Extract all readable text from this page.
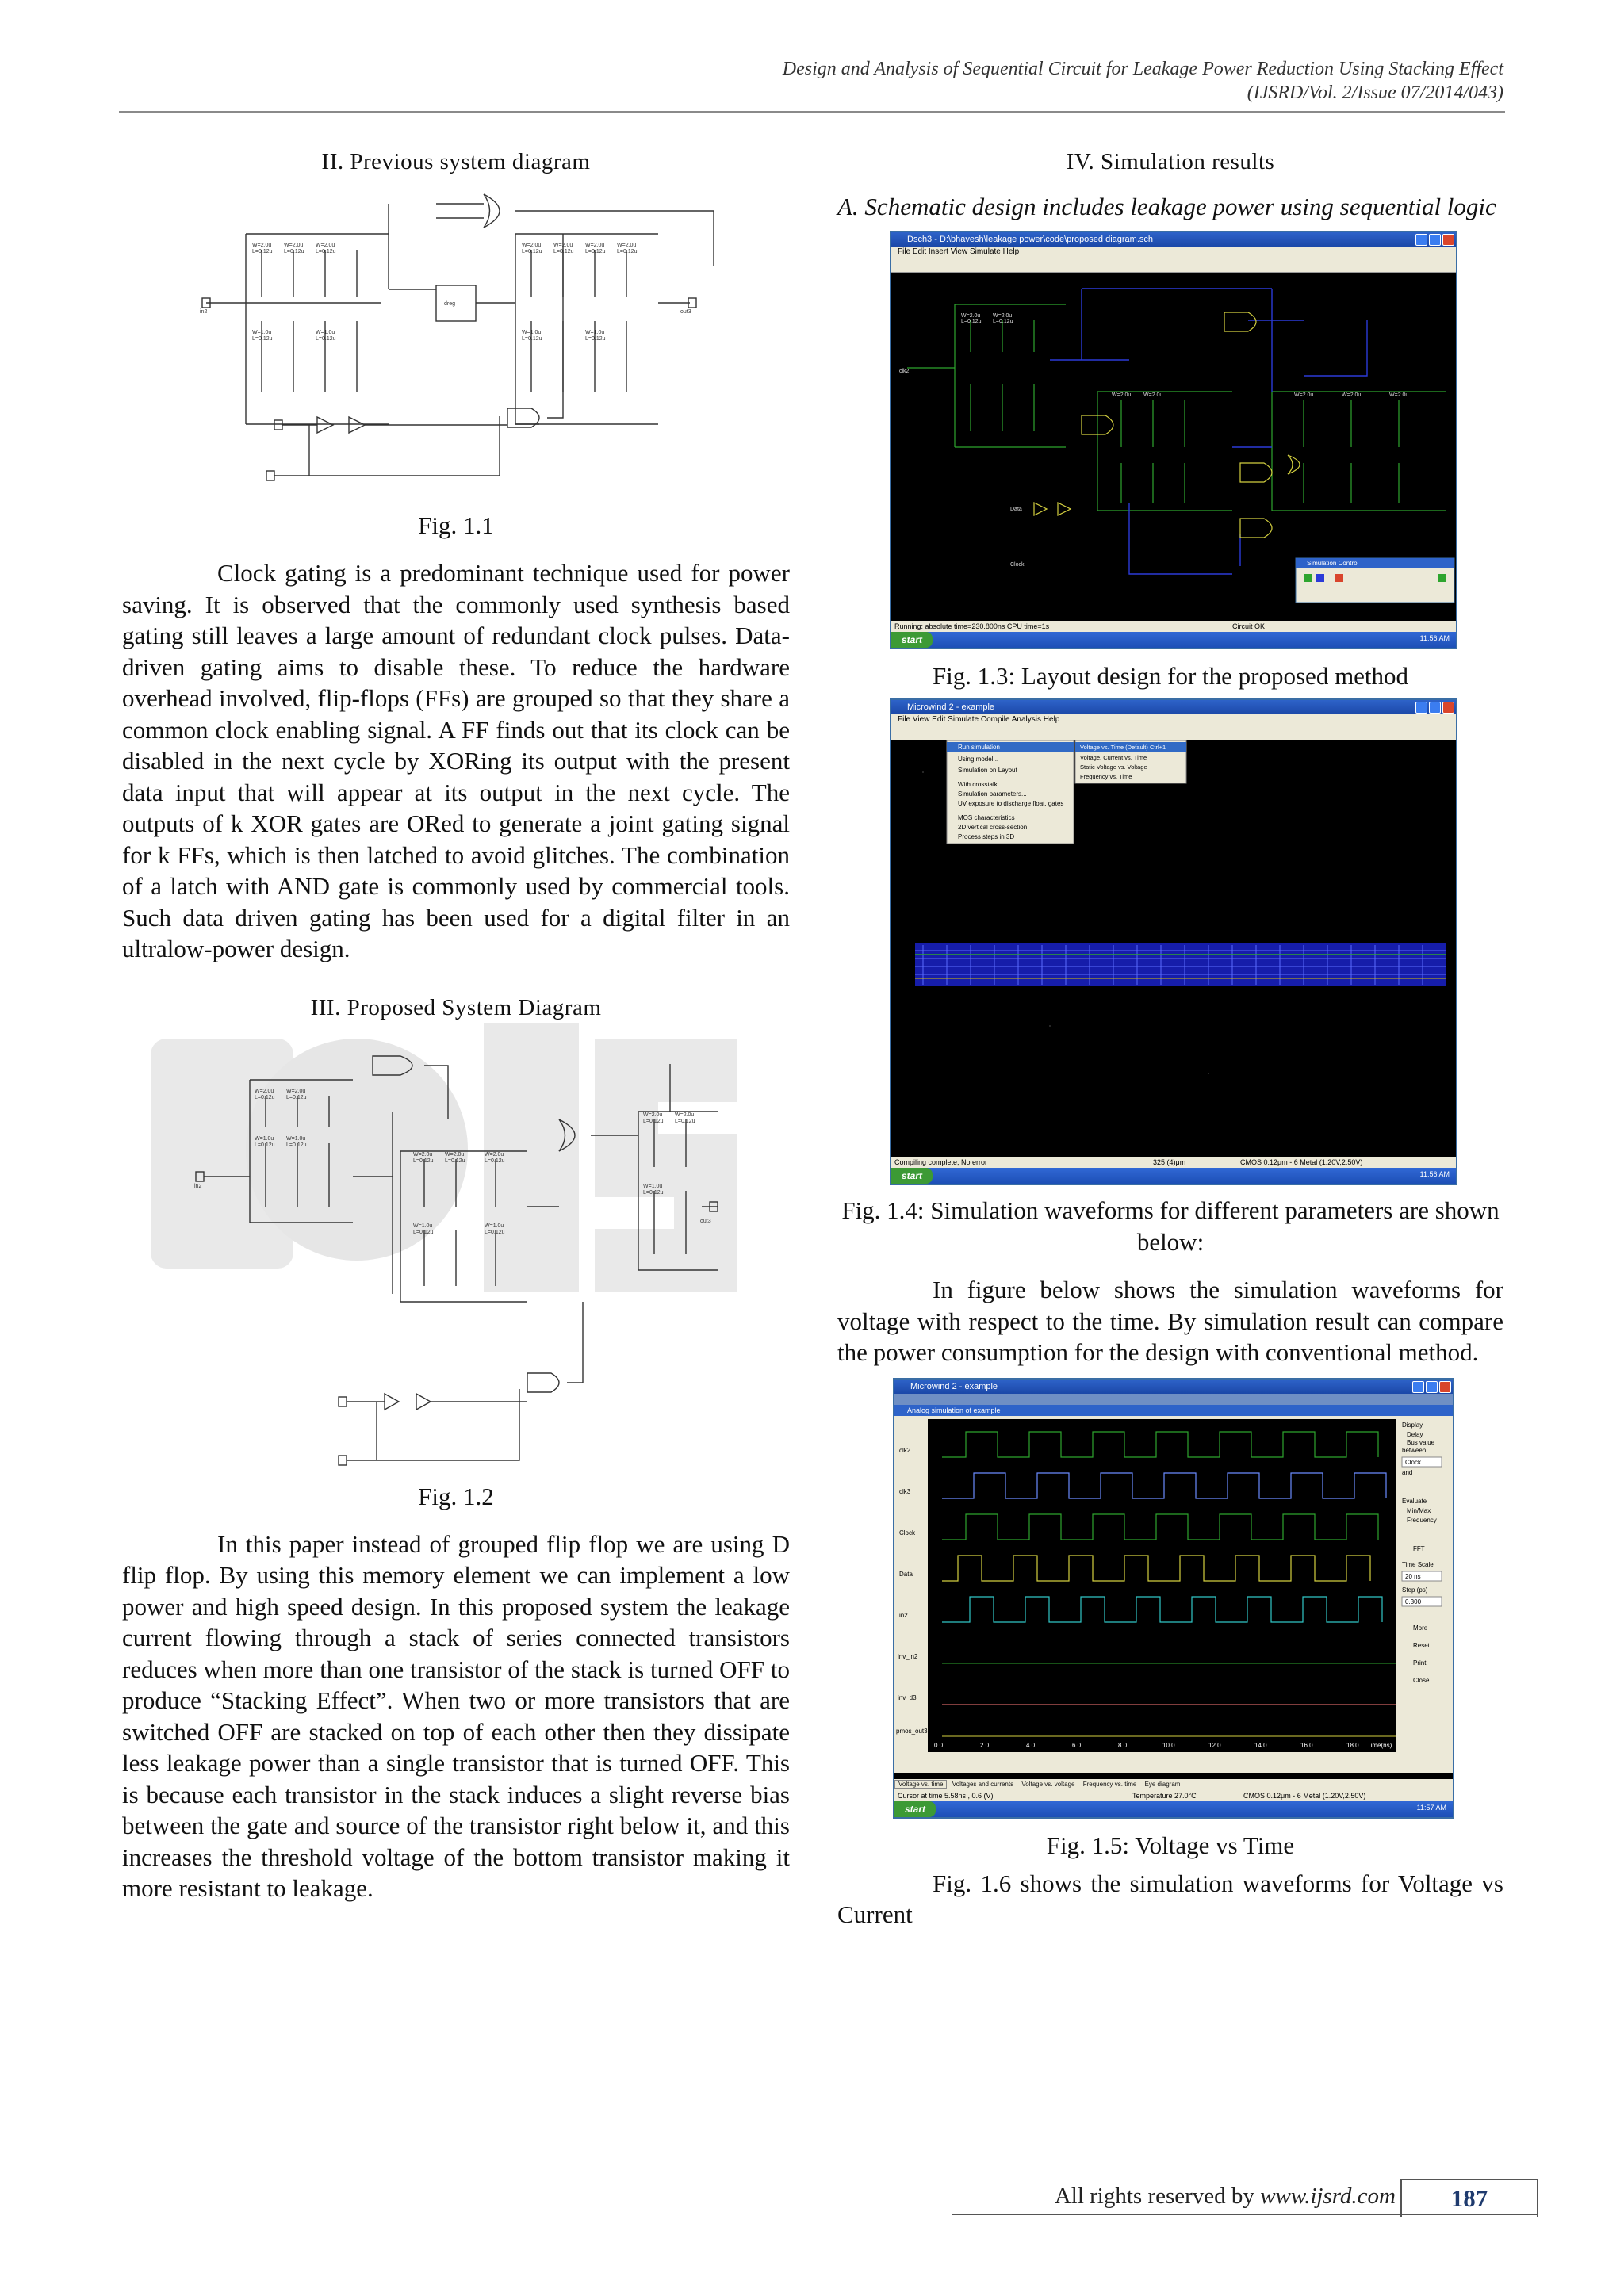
Design and Analysis of Sequential Circuit for Leakage Power Reduction Using Stacking Effect
(IJSRD/Vol. 2/Issue 07/2014/043)
II. Previous system diagram
W=2.0u
L=0.12u
W=2.0u
L=0.12u
W=2.0u
L=0.12u
W=2.0u
L=0.12u
W=2.0u
L=0.12u
W=2.0u
L=0.12u
W=2.0u
L=0.12u
W=1.0u
L=0.12u
W=1.0u
L=0.12u
W=1.0u
L=0.12u
W=1.0u
L=0.12u
dreg
in2	out3

Fig. 1.1

Clock gating is a predominant technique used for power saving. It is observed that the commonly used synthesis based gating still leaves a large amount of redundant clock pulses. Data-driven gating aims to disable these. To reduce the hardware overhead involved, flip-flops (FFs) are grouped so that they share a common clock enabling signal. A FF finds out that its clock can be disabled in the next cycle by XORing its output with the present data input that will appear at its output in the next cycle. The outputs of k XOR gates are ORed to generate a joint gating signal for k FFs, which is then latched to avoid glitches. The combination of a latch with AND gate is commonly used by commercial tools. Such data driven gating has been used for a digital filter in an ultralow-power design.

III. Proposed System Diagram
W=2.0u
L=0.12u
W=2.0u
L=0.12u
W=1.0u
L=0.12u
W=1.0u
L=0.12u
W=2.0u
L=0.12u
W=2.0u
L=0.12u
W=2.0u
L=0.12u
W=1.0u
L=0.12u
W=1.0u
L=0.12u
W=2.0u
L=0.12u
W=2.0u
L=0.12u
W=1.0u
L=0.12u
in2
out3

Fig. 1.2

In this paper instead of grouped flip flop we are using D flip flop. By using this memory element we can implement a low power and high speed design. In this proposed system the leakage current flowing through a stack of series connected transistors reduces when more than one transistor of the stack is turned OFF to produce “Stacking Effect”. When two or more transistors that are switched OFF are stacked on top of each other then they dissipate less leakage power than a single transistor that is turned OFF. This is because each transistor in the stack induces a slight reverse bias between the gate and source of the transistor right below it, and this increases the threshold voltage of the bottom transistor making it more resistant to leakage.

IV. Simulation results

A. Schematic design includes leakage power using sequential logic

Dsch3 - D:\bhavesh\leakage power\code\proposed diagram.sch
File Edit Insert View Simulate Help
W=2.0u
L=0.12u
W=2.0u
L=0.12u
W=2.0u W=2.0u	W=2.0u	W=2.0u	W=2.0u
clk2
Data
Clock	Simulation Control
Running: absolute time=230.800ns CPU time=1s	Circuit OK
start	11:56 AM

Fig. 1.3: Layout design for the proposed method

Microwind 2 - example
File View Edit Simulate Compile Analysis Help
Run simulation
Using model...
Simulation on Layout
With crosstalk
Simulation parameters...
UV exposure to discharge float. gates
MOS characteristics
2D vertical cross-section
Process steps in 3D
Voltage vs. Time (Default) Ctrl+1
Voltage, Current vs. Time
Static Voltage vs. Voltage
Frequency vs. Time
Compiling complete, No error	325 (4)μm	CMOS 0.12μm - 6 Metal (1.20V,2.50V)
start	11:56 AM

Fig. 1.4: Simulation waveforms for different parameters are shown below:

In figure below shows the simulation waveforms for voltage with respect to the time. By simulation result can compare the power consumption for the design with conventional method.

Microwind 2 - example
Analog simulation of example
clk2
clk3
Clock
Data
in2
inv_in2
inv_d3
pmos_out3
0.0	2.0	4.0	6.0	8.0	10.0	12.0	14.0	16.0	18.0 Time(ns)
Display
Delay
Bus value
between
Clock
and
Evaluate
Min/Max
Frequency
FFT
Time Scale
20 ns
Step (ps)
0.300
More
Reset
Print
Close
Voltage vs. time Voltages and currents Voltage vs. voltage Frequency vs. time Eye diagram
Cursor at time 5.58ns , 0.6 (V)	Temperature 27.0°C	CMOS 0.12μm - 6 Metal (1.20V,2.50V)
start	11:57 AM

Fig. 1.5: Voltage vs Time

Fig. 1.6 shows the simulation waveforms for Voltage vs Current

All rights reserved by www.ijsrd.com	187
